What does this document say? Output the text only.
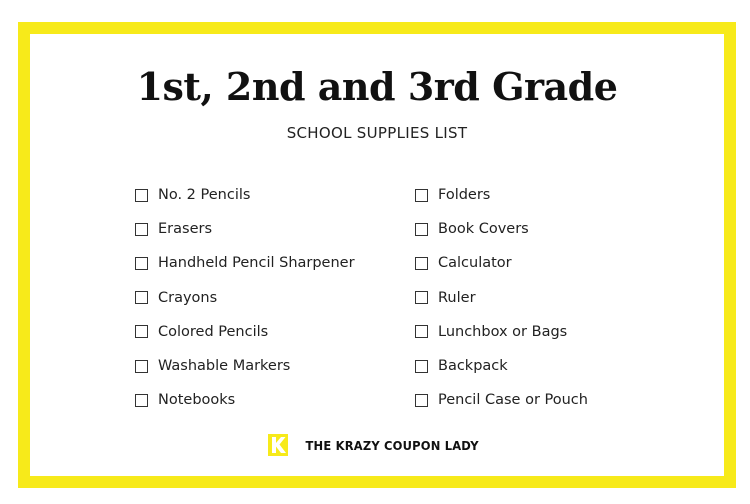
1st, 2nd and 3rd Grade
SCHOOL SUPPLIES LIST
No. 2 Pencils
Erasers
Handheld Pencil Sharpener
Crayons
Colored Pencils
Washable Markers
Notebooks
Folders
Book Covers
Calculator
Ruler
Lunchbox or Bags
Backpack
Pencil Case or Pouch
THE KRAZY COUPON LADY
